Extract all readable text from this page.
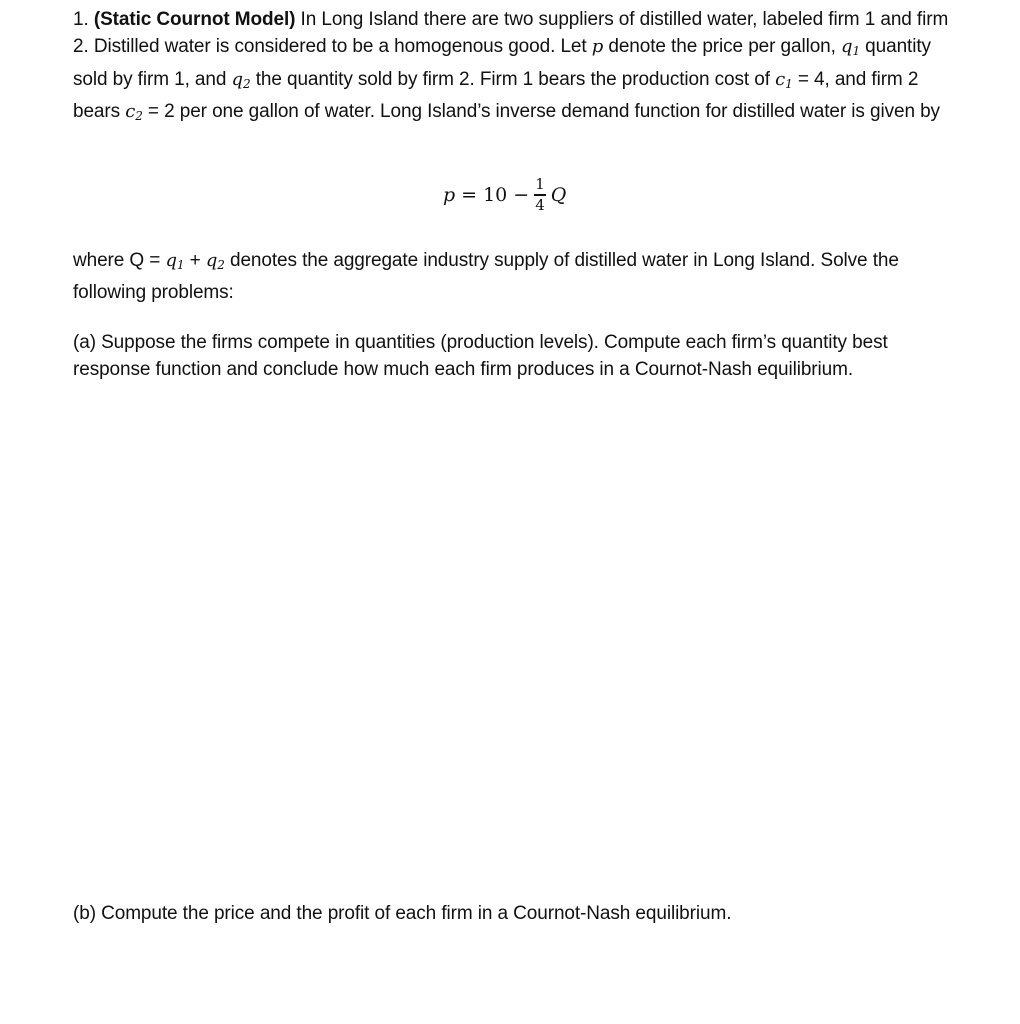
1. (Static Cournot Model) In Long Island there are two suppliers of distilled water, labeled firm 1 and firm 2. Distilled water is considered to be a homogenous good. Let p denote the price per gallon, $q_1$ quantity sold by firm 1, and $q_2$ the quantity sold by firm 2. Firm 1 bears the production cost of $c_1 = 4$, and firm 2 bears $c_2 = 2$ per one gallon of water. Long Island’s inverse demand function for distilled water is given by

$p = 10 - \frac{1}{4}$ Q

where $Q = q_1 + q_2$ denotes the aggregate industry supply of distilled water in Long Island. Solve the following problems:

(a) Suppose the firms compete in quantities (production levels). Compute each firm’s quantity best response function and conclude how much each firm produces in a Cournot-Nash equilibrium.

(b) Compute the price and the profit of each firm in a Cournot-Nash equilibrium.
